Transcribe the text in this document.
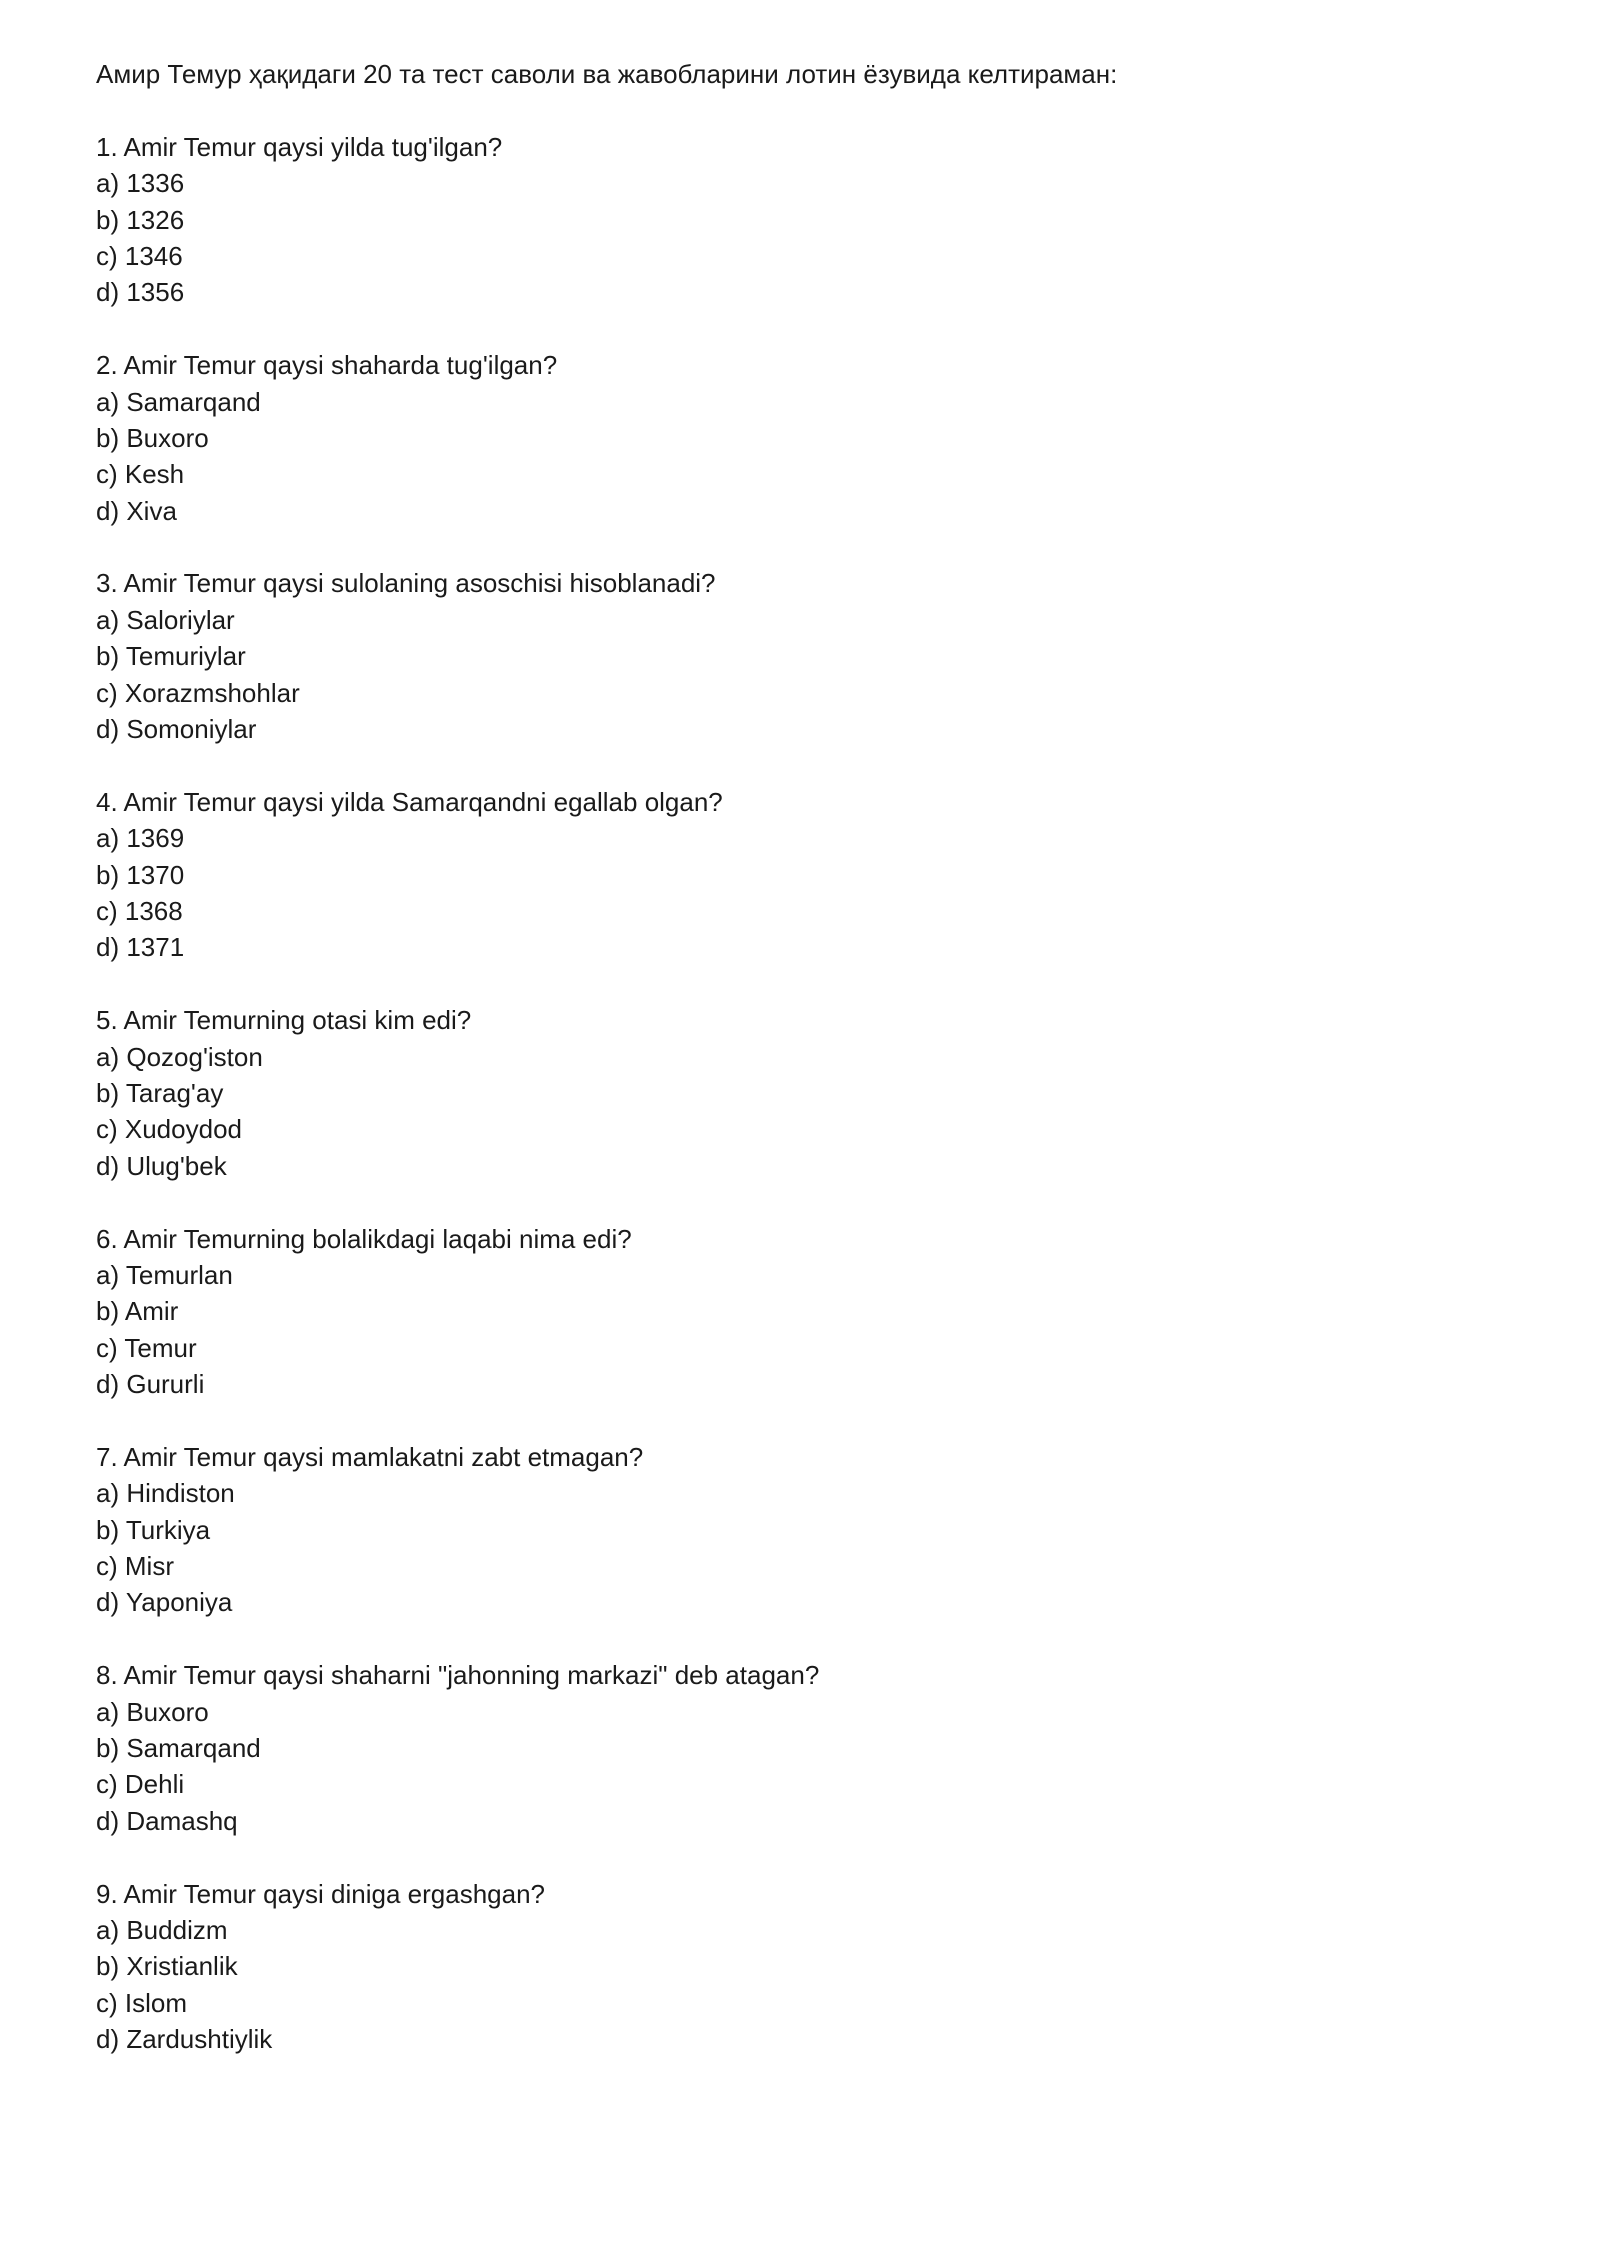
Амир Темур ҳақидаги 20 та тест саволи ва жавобларини лотин ёзувида келтираман:
1. Amir Temur qaysi yilda tug'ilgan?
a) 1336
b) 1326
c) 1346
d) 1356
2. Amir Temur qaysi shaharda tug'ilgan?
a) Samarqand
b) Buxoro
c) Kesh
d) Xiva
3. Amir Temur qaysi sulolaning asoschisi hisoblanadi?
a) Saloriylar
b) Temuriylar
c) Xorazmshohlar
d) Somoniylar
4. Amir Temur qaysi yilda Samarqandni egallab olgan?
a) 1369
b) 1370
c) 1368
d) 1371
5. Amir Temurning otasi kim edi?
a) Qozog'iston
b) Tarag'ay
c) Xudoydod
d) Ulug'bek
6. Amir Temurning bolalikdagi laqabi nima edi?
a) Temurlan
b) Amir
c) Temur
d) Gururli
7. Amir Temur qaysi mamlakatni zabt etmagan?
a) Hindiston
b) Turkiya
c) Misr
d) Yaponiya
8. Amir Temur qaysi shaharni "jahonning markazi" deb atagan?
a) Buxoro
b) Samarqand
c) Dehli
d) Damashq
9. Amir Temur qaysi diniga ergashgan?
a) Buddizm
b) Xristianlik
c) Islom
d) Zardushtiylik
